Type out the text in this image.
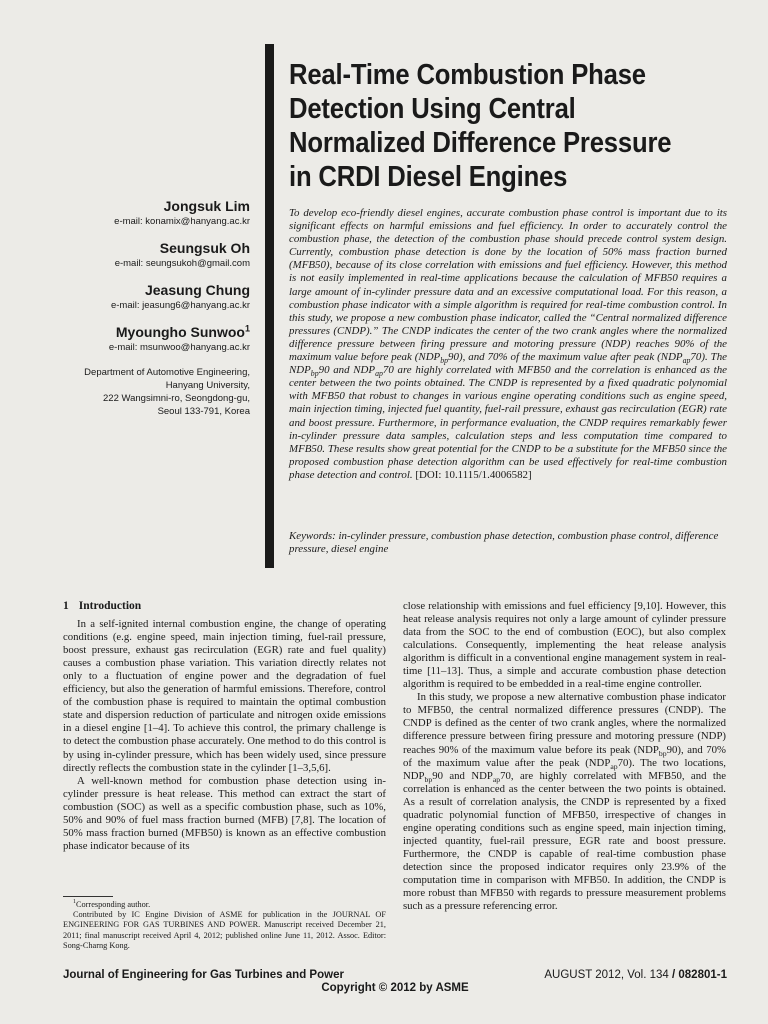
Real-Time Combustion Phase
Detection Using Central
Normalized Difference Pressure
in CRDI Diesel Engines
Jongsuk Lim
e-mail: konamix@hanyang.ac.kr
Seungsuk Oh
e-mail: seungsukoh@gmail.com
Jeasung Chung
e-mail: jeasung6@hanyang.ac.kr
Myoungho Sunwoo$^1$
e-mail: msunwoo@hanyang.ac.kr
Department of Automotive Engineering,
Hanyang University,
222 Wangsimni-ro, Seongdong-gu,
Seoul 133-791, Korea
To develop eco-friendly diesel engines, accurate combustion phase control is important due to its significant effects on harmful emissions and fuel efficiency. In order to accurately control the combustion phase, the detection of the combustion phase should precede control system design. Currently, combustion phase detection is done by the location of 50% mass fraction burned (MFB50), because of its close correlation with emissions and fuel efficiency. However, this method is not easily implemented in real-time applications because the calculation of MFB50 requires a large amount of in-cylinder pressure data and an excessive computational load. For this reason, a combustion phase indicator with a simple algorithm is required for real-time combustion control. In this study, we propose a new combustion phase indicator, called the “Central normalized difference pressures (CNDP).” The CNDP indicates the center of the two crank angles where the normalized difference pressure between firing pressure and motoring pressure (NDP) reaches 90% of the maximum value before peak $(NDP_{bp}90)$, and 70% of the maximum value after peak $(NDP_{ap}70)$. The $NDP_{bp}90$ and $NDP_{ap}70$ are highly correlated with MFB50 and the correlation is enhanced as the center between the two points obtained. The CNDP is represented by a fixed quadratic polynomial with MFB50 that robust to changes in various engine operating conditions such as engine speed, main injection timing, injected fuel quantity, fuel-rail pressure, exhaust gas recirculation (EGR) rate and boost pressure. Furthermore, in performance evaluation, the CNDP requires remarkably fewer in-cylinder pressure data samples, calculation steps and less computation time compared to MFB50. These results show great potential for the CNDP to be a substitute for the MFB50 since the proposed combustion phase detection algorithm can be used effectively for real-time combustion phase detection and control. [DOI: 10.1115/1.4006582]
Keywords: in-cylinder pressure, combustion phase detection, combustion phase control, difference pressure, diesel engine
1 Introduction

In a self-ignited internal combustion engine, the change of operating conditions (e.g. engine speed, main injection timing, fuel-rail pressure, boost pressure, exhaust gas recirculation (EGR) rate and fuel quality) causes a combustion phase variation. This variation directly relates not only to a fluctuation of engine power and the degradation of fuel efficiency, but also the generation of harmful emissions. Therefore, control of the combustion phase is required to maintain the optimal combustion state and dispersion reduction of particulate and nitrogen oxide emissions in a diesel engine [1–4]. To achieve this control, the primary challenge is to detect the combustion phase accurately. One method to do this control is by using in-cylinder pressure, which has been widely used, since pressure directly reflects the combustion state in the cylinder [1–3,5,6].

A well-known method for combustion phase detection using in-cylinder pressure is heat release. This method can extract the start of combustion (SOC) as well as a specific combustion phase, such as 10%, 50% and 90% of fuel mass fraction burned (MFB) [7,8]. The location of 50% mass fraction burned (MFB50) is known as an effective combustion phase indicator because of its

$^1$Corresponding author.

Contributed by IC Engine Division of ASME for publication in the JOURNAL OF ENGINEERING FOR GAS TURBINES AND POWER. Manuscript received December 21, 2011; final manuscript received April 4, 2012; published online June 11, 2012. Assoc. Editor: Song-Charng Kong.

close relationship with emissions and fuel efficiency [9,10]. However, this heat release analysis requires not only a large amount of cylinder pressure data from the SOC to the end of combustion (EOC), but also complex calculations. Consequently, implementing the heat release analysis algorithm is difficult in a conventional engine management system in real-time [11–13]. Thus, a simple and accurate combustion phase detection algorithm is required to be embedded in a real-time engine controller.

In this study, we propose a new alternative combustion phase indicator to MFB50, the central normalized difference pressures (CNDP). The CNDP is defined as the center of two crank angles, where the normalized difference pressure between firing pressure and motoring pressure (NDP) reaches 90% of the maximum value before its peak $(NDP_{bp}90)$, and 70% of the maximum value after the peak $(NDP_{ap}70)$. The two locations, $NDP_{bp}90$ and $NDP_{ap}70$, are highly correlated with MFB50, and the correlation is enhanced as the center between the two points is obtained. As a result of correlation analysis, the CNDP is represented by a fixed quadratic polynomial function of MFB50, irrespective of changes in engine operating conditions such as engine speed, main injection timing, injected quantity, fuel-rail pressure, EGR rate and boost pressure. Furthermore, the CNDP is capable of real-time combustion phase detection since the proposed indicator requires only 23.9% of the computation time in comparison with MFB50. In addition, the CNDP is more robust than MFB50 with regards to pressure measurement problems such as a pressure referencing error.

Journal of Engineering for Gas Turbines and Power	AUGUST 2012, Vol. 134 / 082801-1
Copyright © 2012 by ASME
